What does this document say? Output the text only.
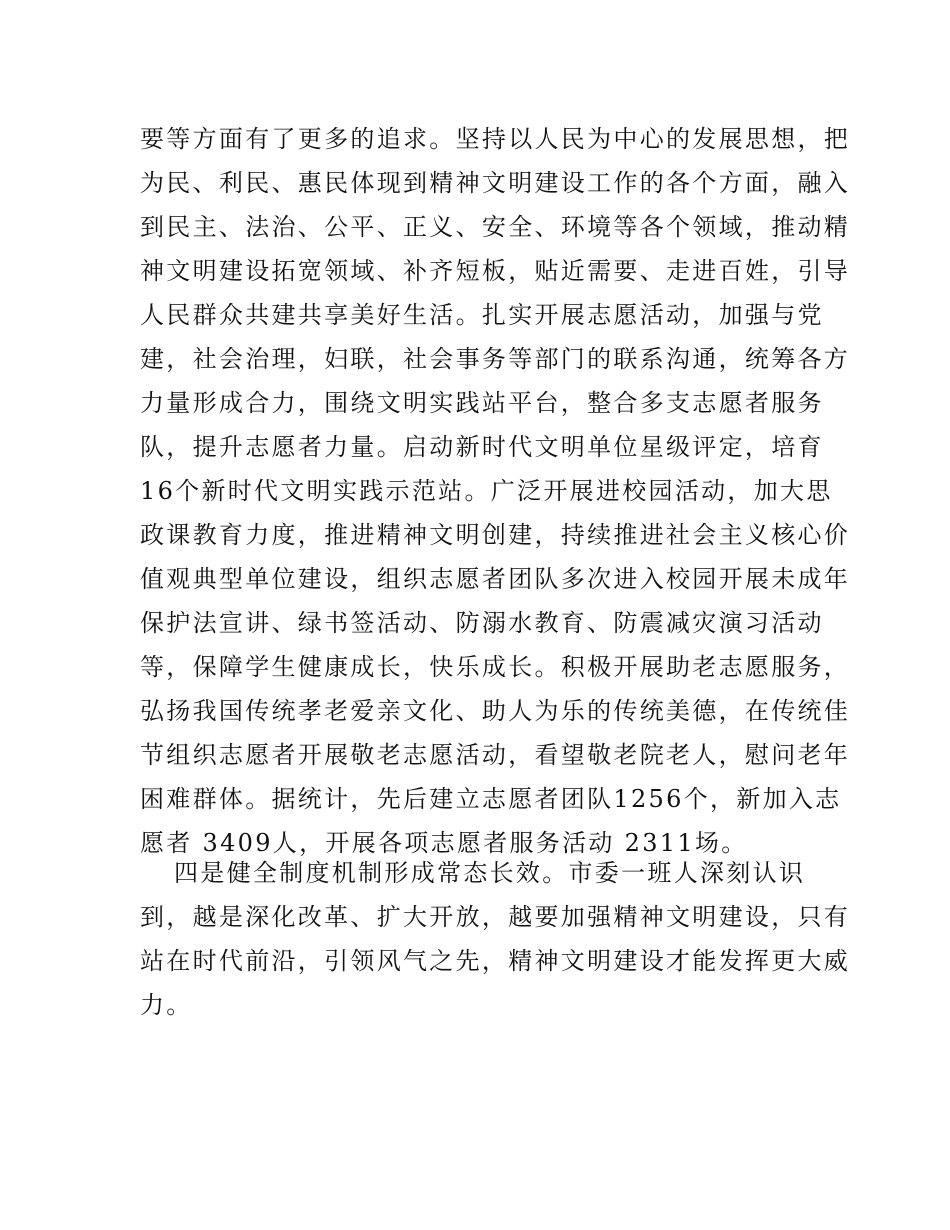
要等方面有了更多的追求。坚持以人民为中心的发展思想，把
为民、利民、惠民体现到精神文明建设工作的各个方面，融入
到民主、法治、公平、正义、安全、环境等各个领域，推动精
神文明建设拓宽领域、补齐短板，贴近需要、走进百姓，引导
人民群众共建共享美好生活。扎实开展志愿活动，加强与党
建，社会治理，妇联，社会事务等部门的联系沟通，统筹各方
力量形成合力，围绕文明实践站平台，整合多支志愿者服务
队，提升志愿者力量。启动新时代文明单位星级评定，培育
16个新时代文明实践示范站。广泛开展进校园活动，加大思
政课教育力度，推进精神文明创建，持续推进社会主义核心价
值观典型单位建设，组织志愿者团队多次进入校园开展未成年
保护法宣讲、绿书签活动、防溺水教育、防震减灾演习活动
等，保障学生健康成长，快乐成长。积极开展助老志愿服务，
弘扬我国传统孝老爱亲文化、助人为乐的传统美德，在传统佳
节组织志愿者开展敬老志愿活动，看望敬老院老人，慰问老年
困难群体。据统计，先后建立志愿者团队1256个，新加入志
愿者 3409人，开展各项志愿者服务活动 2311场。
四是健全制度机制形成常态长效。市委一班人深刻认识
到，越是深化改革、扩大开放，越要加强精神文明建设，只有
站在时代前沿，引领风气之先，精神文明建设才能发挥更大威
力。
